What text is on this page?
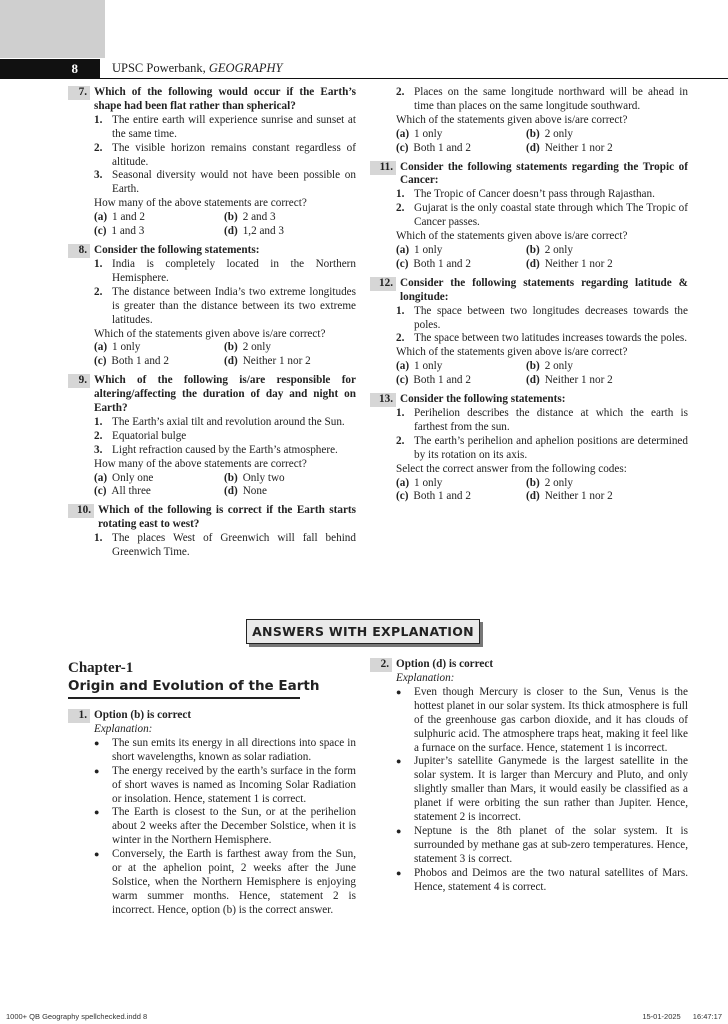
8	UPSC Powerbank, GEOGRAPHY
7. Which of the following would occur if the Earth’s shape had been flat rather than spherical?
1. The entire earth will experience sunrise and sunset at the same time.
2. The visible horizon remains constant regardless of altitude.
3. Seasonal diversity would not have been possible on Earth.
How many of the above statements are correct?
(a) 1 and 2	(b) 2 and 3
(c) 1 and 3	(d) 1,2 and 3
8. Consider the following statements:
1. India is completely located in the Northern Hemisphere.
2. The distance between India’s two extreme longitudes is greater than the distance between its two extreme latitudes.
Which of the statements given above is/are correct?
(a) 1 only	(b) 2 only
(c) Both 1 and 2	(d) Neither 1 nor 2
9. Which of the following is/are responsible for altering/affecting the duration of day and night on Earth?
1. The Earth’s axial tilt and revolution around the Sun.
2. Equatorial bulge
3. Light refraction caused by the Earth’s atmosphere.
How many of the above statements are correct?
(a) Only one	(b) Only two
(c) All three	(d) None
10. Which of the following is correct if the Earth starts rotating east to west?
1. The places West of Greenwich will fall behind Greenwich Time.
2. Places on the same longitude northward will be ahead in time than places on the same longitude southward.
Which of the statements given above is/are correct?
(a) 1 only	(b) 2 only
(c) Both 1 and 2	(d) Neither 1 nor 2
11. Consider the following statements regarding the Tropic of Cancer:
1. The Tropic of Cancer doesn’t pass through Rajasthan.
2. Gujarat is the only coastal state through which The Tropic of Cancer passes.
Which of the statements given above is/are correct?
(a) 1 only	(b) 2 only
(c) Both 1 and 2	(d) Neither 1 nor 2
12. Consider the following statements regarding latitude & longitude:
1. The space between two longitudes decreases towards the poles.
2. The space between two latitudes increases towards the poles.
Which of the statements given above is/are correct?
(a) 1 only	(b) 2 only
(c) Both 1 and 2	(d) Neither 1 nor 2
13. Consider the following statements:
1. Perihelion describes the distance at which the earth is farthest from the sun.
2. The earth’s perihelion and aphelion positions are determined by its rotation on its axis.
Select the correct answer from the following codes:
(a) 1 only	(b) 2 only
(c) Both 1 and 2	(d) Neither 1 nor 2
ANSWERS WITH EXPLANATION
Chapter-1
Origin and Evolution of the Earth
1. Option (b) is correct
Explanation:
●	The sun emits its energy in all directions into space in short wavelengths, known as solar radiation.
●	The energy received by the earth’s surface in the form of short waves is named as Incoming Solar Radiation or insolation. Hence, statement 1 is correct.
●	The Earth is closest to the Sun, or at the perihelion about 2 weeks after the December Solstice, when it is winter in the Northern Hemisphere.
●	Conversely, the Earth is farthest away from the Sun, or at the aphelion point, 2 weeks after the June Solstice, when the Northern Hemisphere is enjoying warm summer months. Hence, statement 2 is incorrect. Hence, option (b) is the correct answer.
2. Option (d) is correct
Explanation:
●	Even though Mercury is closer to the Sun, Venus is the hottest planet in our solar system. Its thick atmosphere is full of the greenhouse gas carbon dioxide, and it has clouds of sulphuric acid. The atmosphere traps heat, making it feel like a furnace on the surface. Hence, statement 1 is incorrect.
●	Jupiter’s satellite Ganymede is the largest satellite in the solar system. It is larger than Mercury and Pluto, and only slightly smaller than Mars, it would easily be classified as a planet if were orbiting the sun rather than Jupiter. Hence, statement 2 is incorrect.
●	Neptune is the 8th planet of the solar system. It is surrounded by methane gas at sub-zero temperatures. Hence, statement 3 is correct.
●	Phobos and Deimos are the two natural satellites of Mars. Hence, statement 4 is correct.
1000+ QB Geography spellchecked.indd 8	15-01-2025 16:47:17
